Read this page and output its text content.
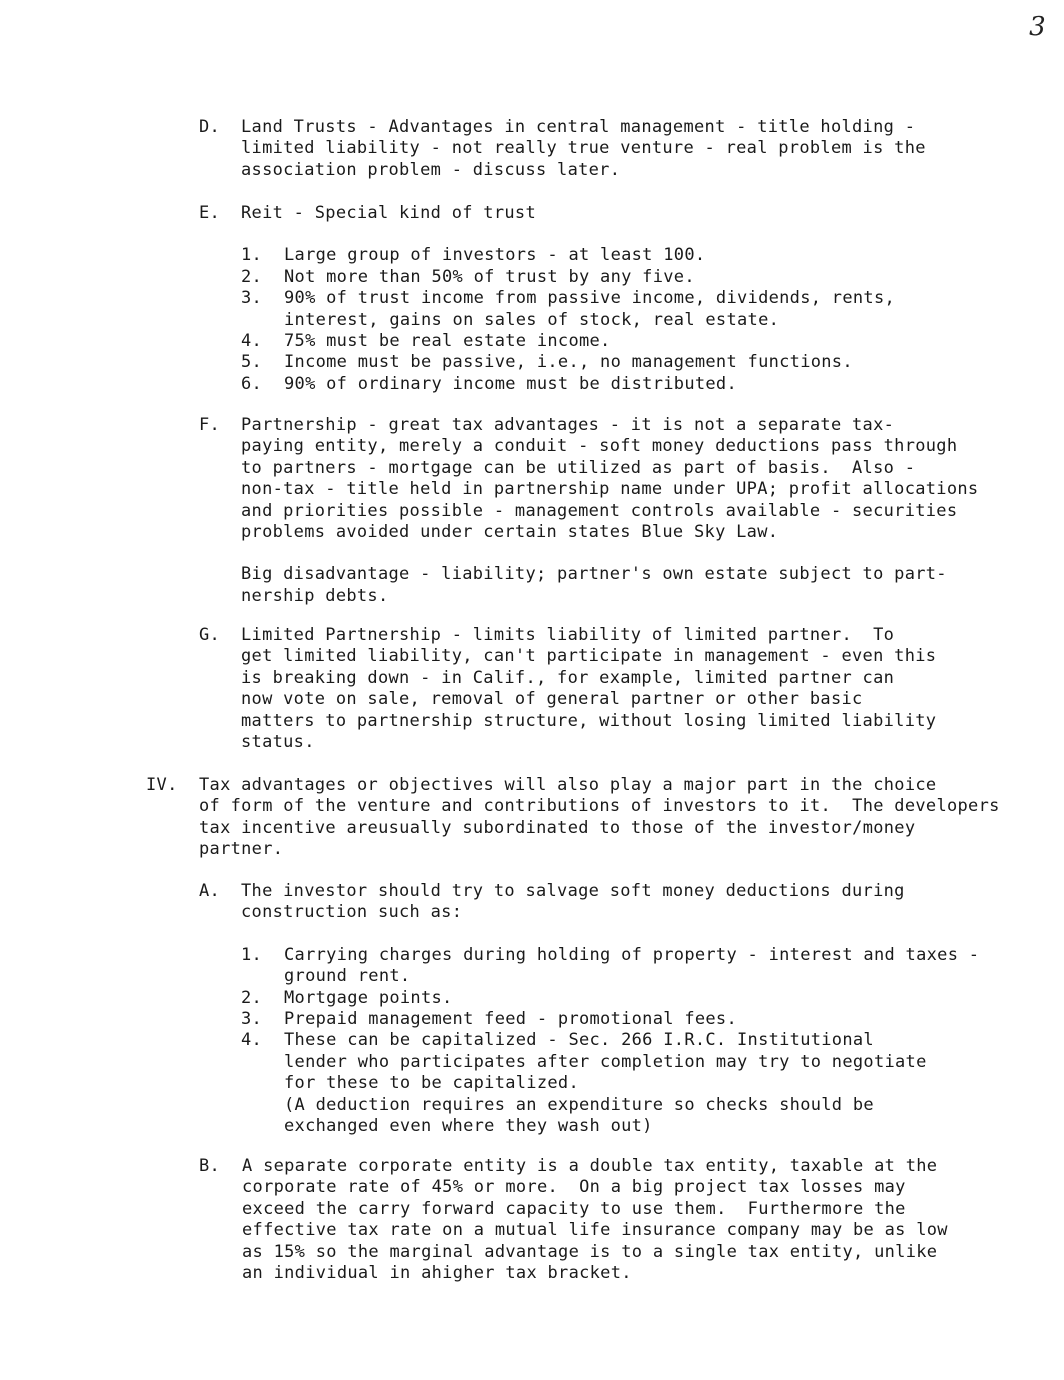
3
D.	Land Trusts - Advantages in central management - title holding -
limited liability - not really true venture - real problem is the
association problem - discuss later.
E.	Reit - Special kind of trust
1.	Large group of investors - at least 100.
2.	Not more than 50% of trust by any five.
3.	90% of trust income from passive income, dividends, rents,
interest, gains on sales of stock, real estate.
4.	75% must be real estate income.
5.	Income must be passive, i.e., no management functions.
6.	90% of ordinary income must be distributed.
F.	Partnership - great tax advantages - it is not a separate tax-
paying entity, merely a conduit - soft money deductions pass through
to partners - mortgage can be utilized as part of basis.  Also -
non-tax - title held in partnership name under UPA; profit allocations
and priorities possible - management controls available - securities
problems avoided under certain states Blue Sky Law.
Big disadvantage - liability; partner's own estate subject to part-
nership debts.
G.	Limited Partnership - limits liability of limited partner.  To
get limited liability, can't participate in management - even this
is breaking down - in Calif., for example, limited partner can
now vote on sale, removal of general partner or other basic
matters to partnership structure, without losing limited liability
status.
IV.	Tax advantages or objectives will also play a major part in the choice
of form of the venture and contributions of investors to it.  The developers
tax incentive areusually subordinated to those of the investor/money
partner.
A.	The investor should try to salvage soft money deductions during
construction such as:
1.	Carrying charges during holding of property - interest and taxes -
ground rent.
2.	Mortgage points.
3.	Prepaid management feed - promotional fees.
4.	These can be capitalized - Sec. 266 I.R.C. Institutional
lender who participates after completion may try to negotiate
for these to be capitalized.
(A deduction requires an expenditure so checks should be
exchanged even where they wash out)
B.	A separate corporate entity is a double tax entity, taxable at the
corporate rate of 45% or more.  On a big project tax losses may
exceed the carry forward capacity to use them.  Furthermore the
effective tax rate on a mutual life insurance company may be as low
as 15% so the marginal advantage is to a single tax entity, unlike
an individual in ahigher tax bracket.
